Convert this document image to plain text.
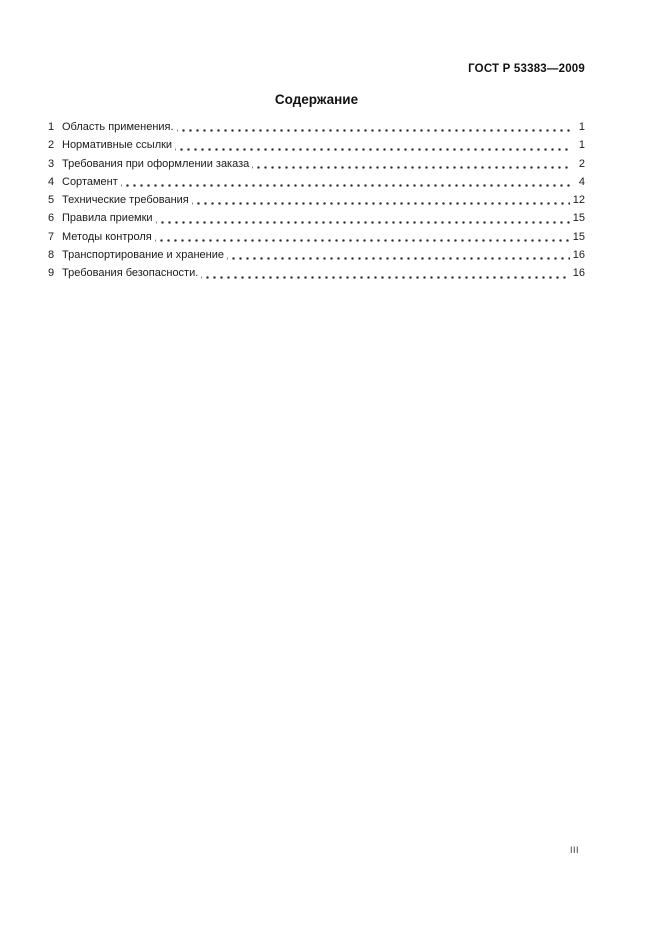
ГОСТ Р 53383—2009
Содержание
1 Область применения.	1
2 Нормативные ссылки	1
3 Требования при оформлении заказа	2
4 Сортамент	4
5 Технические требования	12
6 Правила приемки	15
7 Методы контроля	15
8 Транспортирование и хранение	16
9 Требования безопасности.	16
III
